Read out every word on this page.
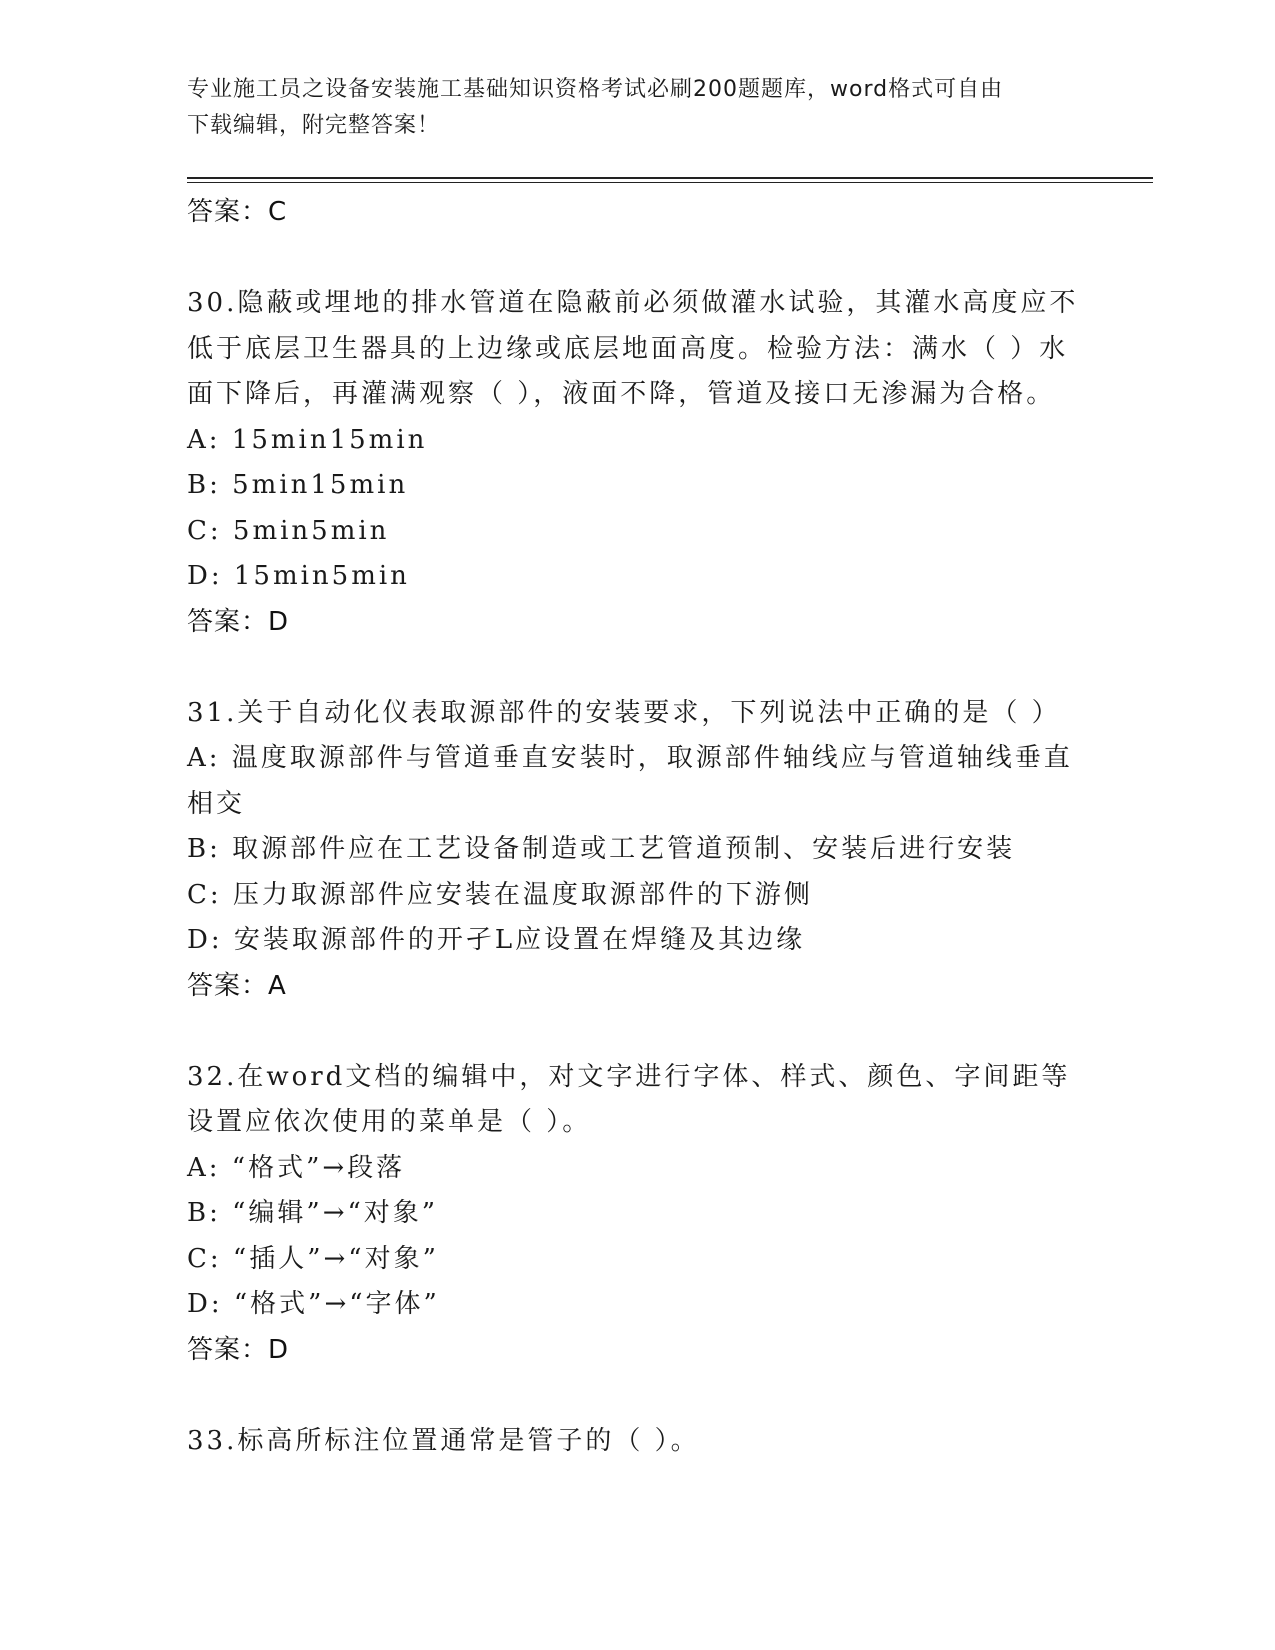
专业施工员之设备安装施工基础知识资格考试必刷200题题库，word格式可自由
下载编辑，附完整答案！
答案：C
30.隐蔽或埋地的排水管道在隐蔽前必须做灌水试验，其灌水高度应不
低于底层卫生器具的上边缘或底层地面高度。检验方法：满水（ ）水
面下降后，再灌满观察（ ），液面不降，管道及接口无渗漏为合格。
A: 15min15min
B: 5min15min
C: 5min5min
D: 15min5min
答案：D
31.关于自动化仪表取源部件的安装要求，下列说法中正确的是（ ）
A: 温度取源部件与管道垂直安装时，取源部件轴线应与管道轴线垂直
相交
B: 取源部件应在工艺设备制造或工艺管道预制、安装后进行安装
C: 压力取源部件应安装在温度取源部件的下游侧
D: 安装取源部件的开孑L应设置在焊缝及其边缘
答案：A
32.在word文档的编辑中，对文字进行字体、样式、颜色、字间距等
设置应依次使用的菜单是（ ）。
A: “格式”→段落
B: “编辑”→“对象”
C: “插人”→“对象”
D: “格式”→“字体”
答案：D
33.标高所标注位置通常是管子的（ ）。
